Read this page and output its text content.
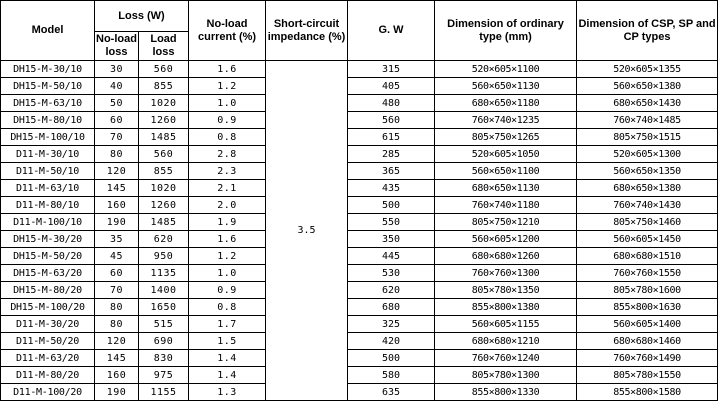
Model	Loss (W)		No-load current (%)	Short-circuit impedance (%)	G. W	Dimension of ordinary type (mm)	Dimension of CSP, SP and CP types
	No-load loss	Load loss					
DH15-M-30/10	30	560	1.6	3.5	315	520×605×1100	520×605×1355
DH15-M-50/10	40	855	1.2		405	560×650×1130	560×650×1380
DH15-M-63/10	50	1020	1.0		480	680×650×1180	680×650×1430
DH15-M-80/10	60	1260	0.9		560	760×740×1235	760×740×1485
DH15-M-100/10	70	1485	0.8		615	805×750×1265	805×750×1515
D11-M-30/10	80	560	2.8		285	520×605×1050	520×605×1300
D11-M-50/10	120	855	2.3		365	560×650×1100	560×650×1350
D11-M-63/10	145	1020	2.1		435	680×650×1130	680×650×1380
D11-M-80/10	160	1260	2.0		500	760×740×1180	760×740×1430
D11-M-100/10	190	1485	1.9		550	805×750×1210	805×750×1460
DH15-M-30/20	35	620	1.6		350	560×605×1200	560×605×1450
DH15-M-50/20	45	950	1.2		445	680×680×1260	680×680×1510
DH15-M-63/20	60	1135	1.0		530	760×760×1300	760×760×1550
DH15-M-80/20	70	1400	0.9		620	805×780×1350	805×780×1600
DH15-M-100/20	80	1650	0.8		680	855×800×1380	855×800×1630
D11-M-30/20	80	515	1.7		325	560×605×1155	560×605×1400
D11-M-50/20	120	690	1.5		420	680×680×1210	680×680×1460
D11-M-63/20	145	830	1.4		500	760×760×1240	760×760×1490
D11-M-80/20	160	975	1.4		580	805×780×1300	805×780×1550
D11-M-100/20	190	1155	1.3		635	855×800×1330	855×800×1580
